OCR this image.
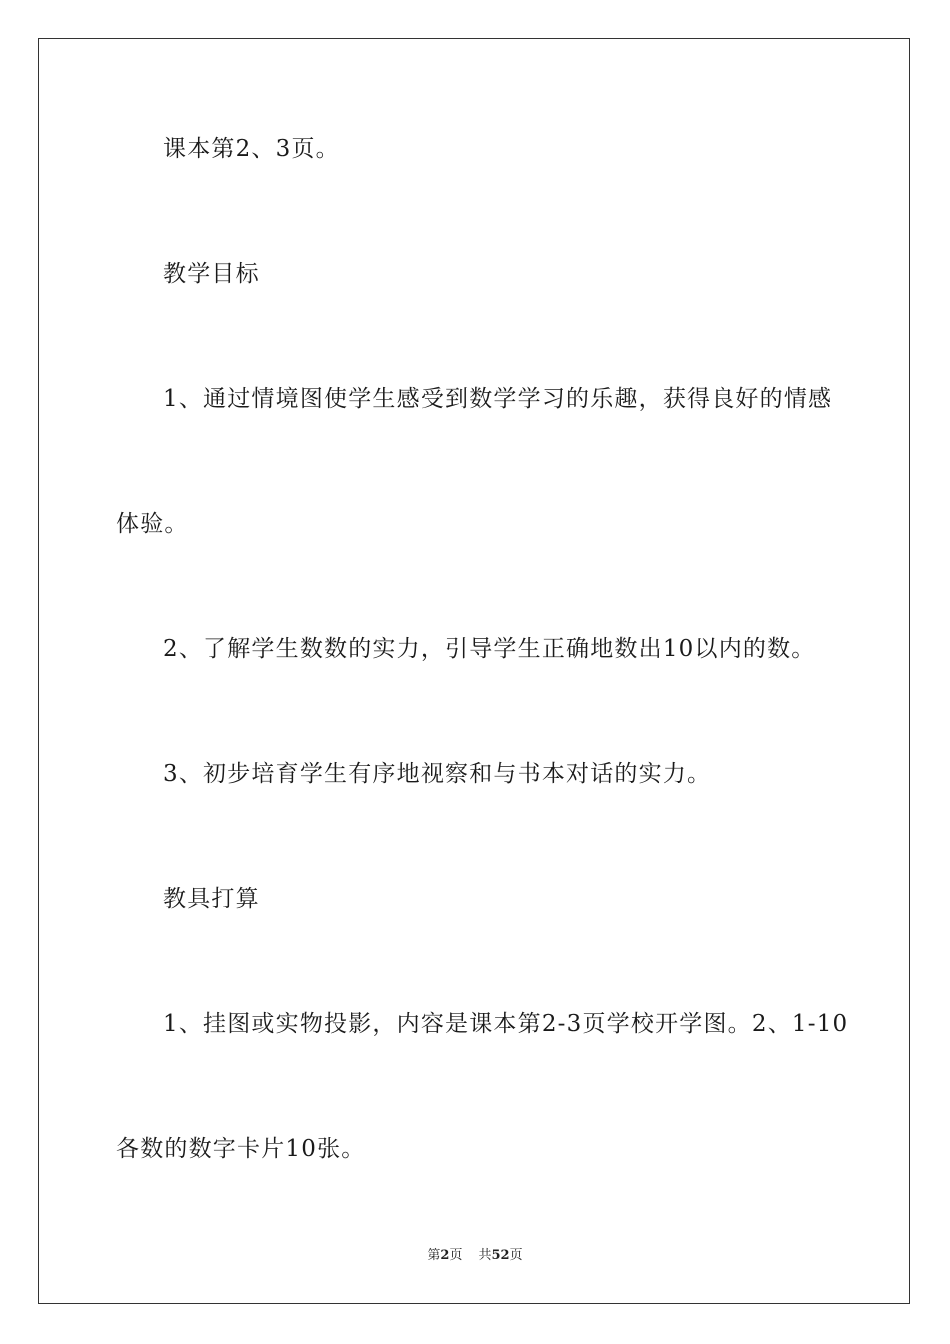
课本第2、3页。
教学目标
1、通过情境图使学生感受到数学学习的乐趣，获得良好的情感
体验。
2、了解学生数数的实力，引导学生正确地数出10以内的数。
3、初步培育学生有序地视察和与书本对话的实力。
教具打算
1、挂图或实物投影，内容是课本第2-3页学校开学图。2、1-10
各数的数字卡片10张。
第2页 共52页
